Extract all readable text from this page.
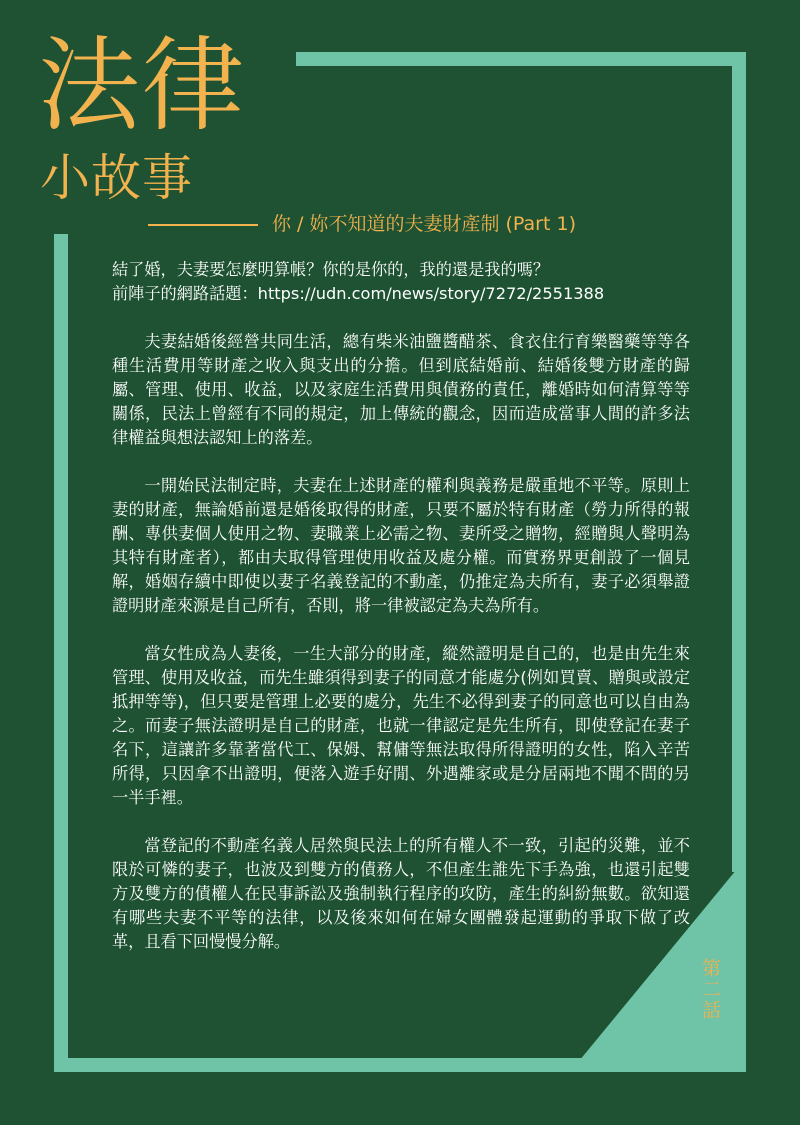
法律
小故事
你 / 妳不知道的夫妻財產制 (Part 1)
結了婚，夫妻要怎麼明算帳？你的是你的，我的還是我的嗎？
前陣子的網路話題：https://udn.com/news/story/7272/2551388

夫妻結婚後經營共同生活，總有柴米油鹽醬醋茶、食衣住行育樂醫藥等等各種生活費用等財產之收入與支出的分擔。但到底結婚前、結婚後雙方財產的歸屬、管理、使用、收益，以及家庭生活費用與債務的責任，離婚時如何清算等等關係，民法上曾經有不同的規定，加上傳統的觀念，因而造成當事人間的許多法律權益與想法認知上的落差。

一開始民法制定時，夫妻在上述財產的權利與義務是嚴重地不平等。原則上妻的財產，無論婚前還是婚後取得的財產，只要不屬於特有財產（勞力所得的報酬、專供妻個人使用之物、妻職業上必需之物、妻所受之贈物，經贈與人聲明為其特有財產者），都由夫取得管理使用收益及處分權。而實務界更創設了一個見解，婚姻存續中即使以妻子名義登記的不動產，仍推定為夫所有，妻子必須舉證證明財產來源是自己所有，否則，將一律被認定為夫為所有。

當女性成為人妻後，一生大部分的財產，縱然證明是自己的，也是由先生來管理、使用及收益，而先生雖須得到妻子的同意才能處分(例如買賣、贈與或設定抵押等等)，但只要是管理上必要的處分，先生不必得到妻子的同意也可以自由為之。而妻子無法證明是自己的財產，也就一律認定是先生所有，即使登記在妻子名下，這讓許多靠著當代工、保姆、幫傭等無法取得所得證明的女性，陷入辛苦所得，只因拿不出證明，便落入遊手好閒、外遇離家或是分居兩地不聞不問的另一半手裡。

當登記的不動產名義人居然與民法上的所有權人不一致，引起的災難，並不限於可憐的妻子，也波及到雙方的債務人，不但產生誰先下手為強，也還引起雙方及雙方的債權人在民事訴訟及強制執行程序的攻防，產生的糾紛無數。欲知還有哪些夫妻不平等的法律，以及後來如何在婦女團體發起運動的爭取下做了改革，且看下回慢慢分解。

第二話
